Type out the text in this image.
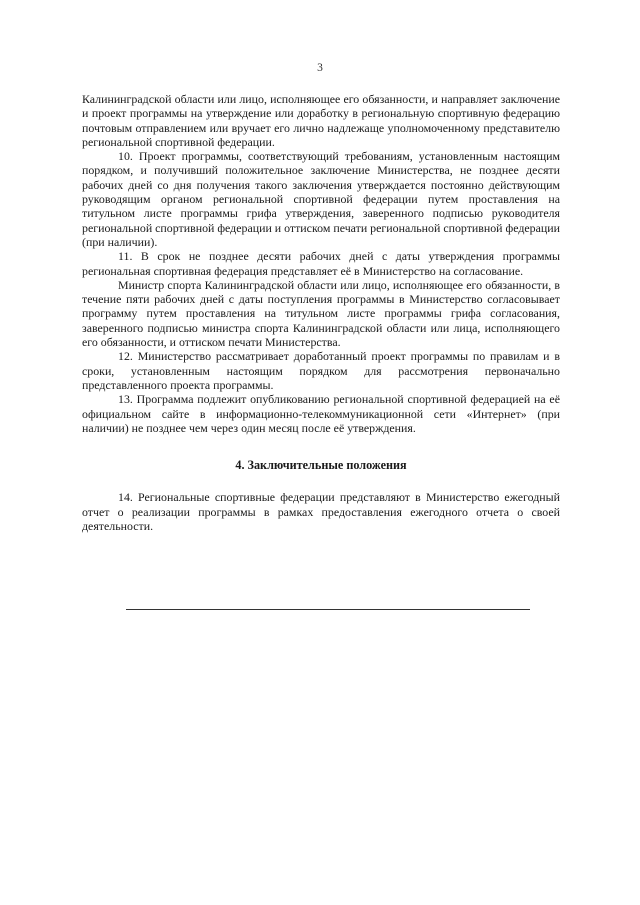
3

Калининградской области или лицо, исполняющее его обязанности, и направляет заключение и проект программы на утверждение или доработку в региональную спортивную федерацию почтовым отправлением или вручает его лично надлежаще уполномоченному представителю региональной спортивной федерации.

10. Проект программы, соответствующий требованиям, установленным настоящим порядком, и получивший положительное заключение Министерства, не позднее десяти рабочих дней со дня получения такого заключения утверждается постоянно действующим руководящим органом региональной спортивной федерации путем проставления на титульном листе программы грифа утверждения, заверенного подписью руководителя региональной спортивной федерации и оттиском печати региональной спортивной федерации (при наличии).

11. В срок не позднее десяти рабочих дней с даты утверждения программы региональная спортивная федерация представляет её в Министерство на согласование.

Министр спорта Калининградской области или лицо, исполняющее его обязанности, в течение пяти рабочих дней с даты поступления программы в Министерство согласовывает программу путем проставления на титульном листе программы грифа согласования, заверенного подписью министра спорта Калининградской области или лица, исполняющего его обязанности, и оттиском печати Министерства.

12. Министерство рассматривает доработанный проект программы по правилам и в сроки, установленным настоящим порядком для рассмотрения первоначально представленного проекта программы.

13. Программа подлежит опубликованию региональной спортивной федерацией на её официальном сайте в информационно-телекоммуникационной сети «Интернет» (при наличии) не позднее чем через один месяц после её утверждения.

4. Заключительные положения

14. Региональные спортивные федерации представляют в Министерство ежегодный отчет о реализации программы в рамках предоставления ежегодного отчета о своей деятельности.
